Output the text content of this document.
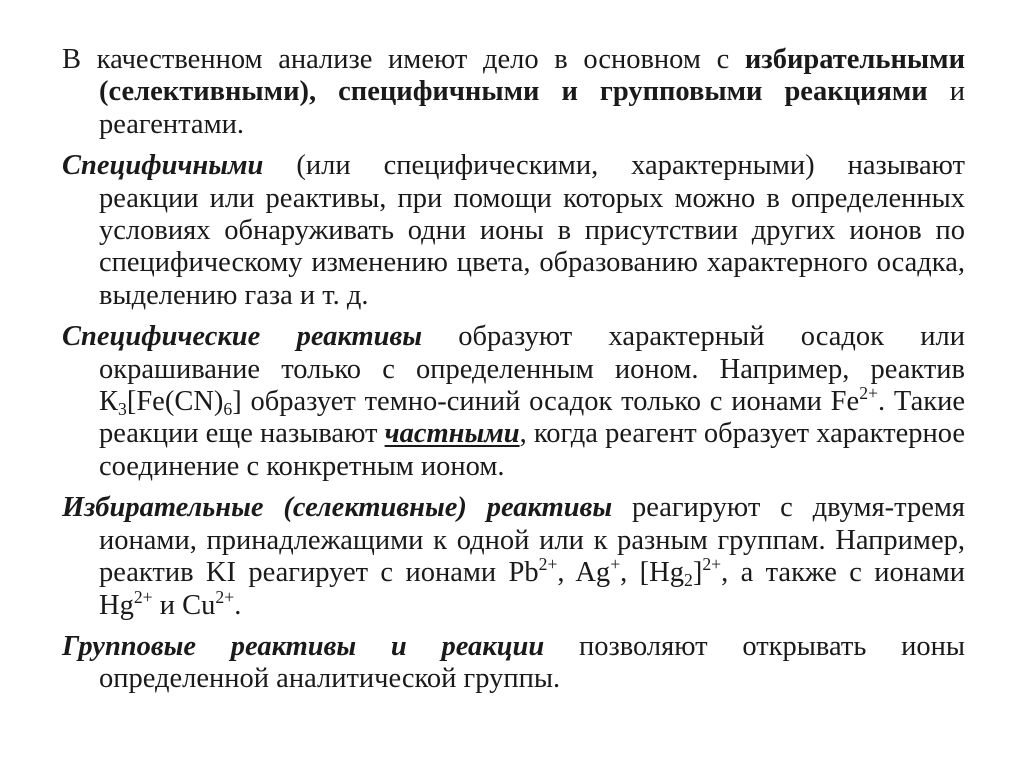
В качественном анализе имеют дело в основном с избирательными (селективными), специфичными и групповыми реакциями и реагентами.

Специфичными (или специфическими, характерными) называют реакции или реактивы, при помощи которых можно в определенных условиях обнаруживать одни ионы в присутствии других ионов по специфическому изменению цвета, образованию характерного осадка, выделению газа и т. д.

Специфические реактивы образуют характерный осадок или окрашивание только с определенным ионом. Например, реактив $К_3[Fe(CN)_6]$ образует темно-синий осадок только с ионами $Fe^{2+}$. Такие реакции еще называют частными, когда реагент образует характерное соединение с конкретным ионом.

Избирательные (селективные) реактивы реагируют с двумя-тремя ионами, принадлежащими к одной или к разным группам. Например, реактив KI реагирует с ионами $Pb^{2+}$, Ag+, $[Hg_2]^{2+}$, а также с ионами $Hg^{2+}$ и $Cu^{2+}$.

Групповые реактивы и реакции позволяют открывать ионы определенной аналитической группы.
